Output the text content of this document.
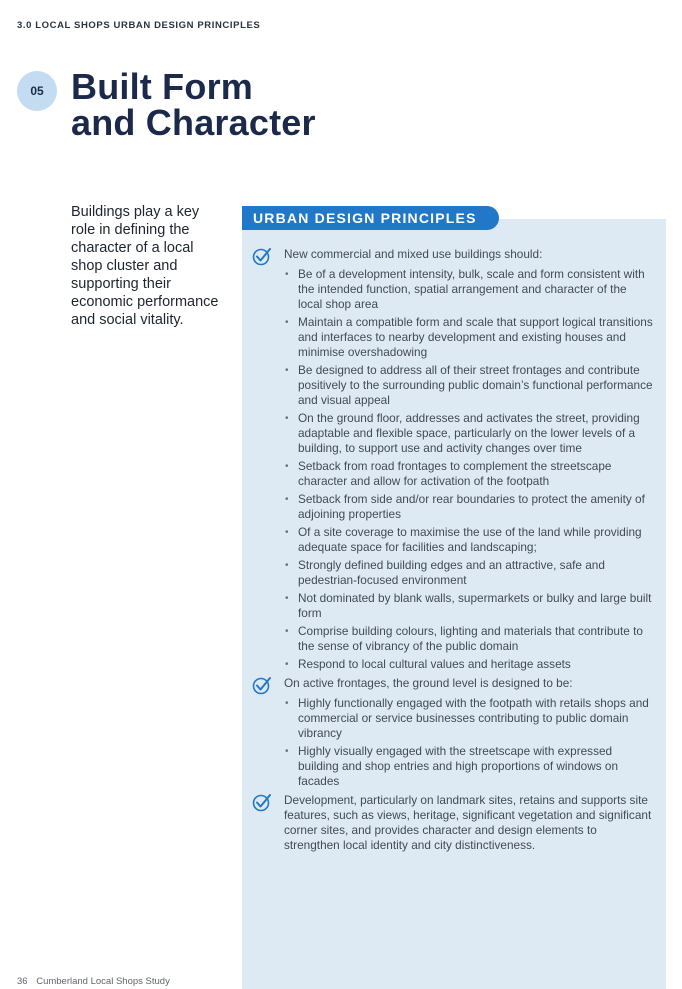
3.0 LOCAL SHOPS URBAN DESIGN PRINCIPLES
05 Built Form
and Character
Buildings play a key role in defining the character of a local shop cluster and supporting their economic performance and social vitality.
URBAN DESIGN PRINCIPLES
New commercial and mixed use buildings should:
• Be of a development intensity, bulk, scale and form consistent with the intended function, spatial arrangement and character of the local shop area
• Maintain a compatible form and scale that support logical transitions and interfaces to nearby development and existing houses and minimise overshadowing
• Be designed to address all of their street frontages and contribute positively to the surrounding public domain’s functional performance and visual appeal
• On the ground floor, addresses and activates the street, providing adaptable and flexible space, particularly on the lower levels of a building, to support use and activity changes over time
• Setback from road frontages to complement the streetscape character and allow for activation of the footpath
• Setback from side and/or rear boundaries to protect the amenity of adjoining properties
• Of a site coverage to maximise the use of the land while providing adequate space for facilities and landscaping;
• Strongly defined building edges and an attractive, safe and pedestrian-focused environment
• Not dominated by blank walls, supermarkets or bulky and large built form
• Comprise building colours, lighting and materials that contribute to the sense of vibrancy of the public domain
• Respond to local cultural values and heritage assets
On active frontages, the ground level is designed to be:
• Highly functionally engaged with the footpath with retails shops and commercial or service businesses contributing to public domain vibrancy
• Highly visually engaged with the streetscape with expressed building and shop entries and high proportions of windows on facades
Development, particularly on landmark sites, retains and supports site features, such as views, heritage, significant vegetation and significant corner sites, and provides character and design elements to strengthen local identity and city distinctiveness.
36 Cumberland Local Shops Study
